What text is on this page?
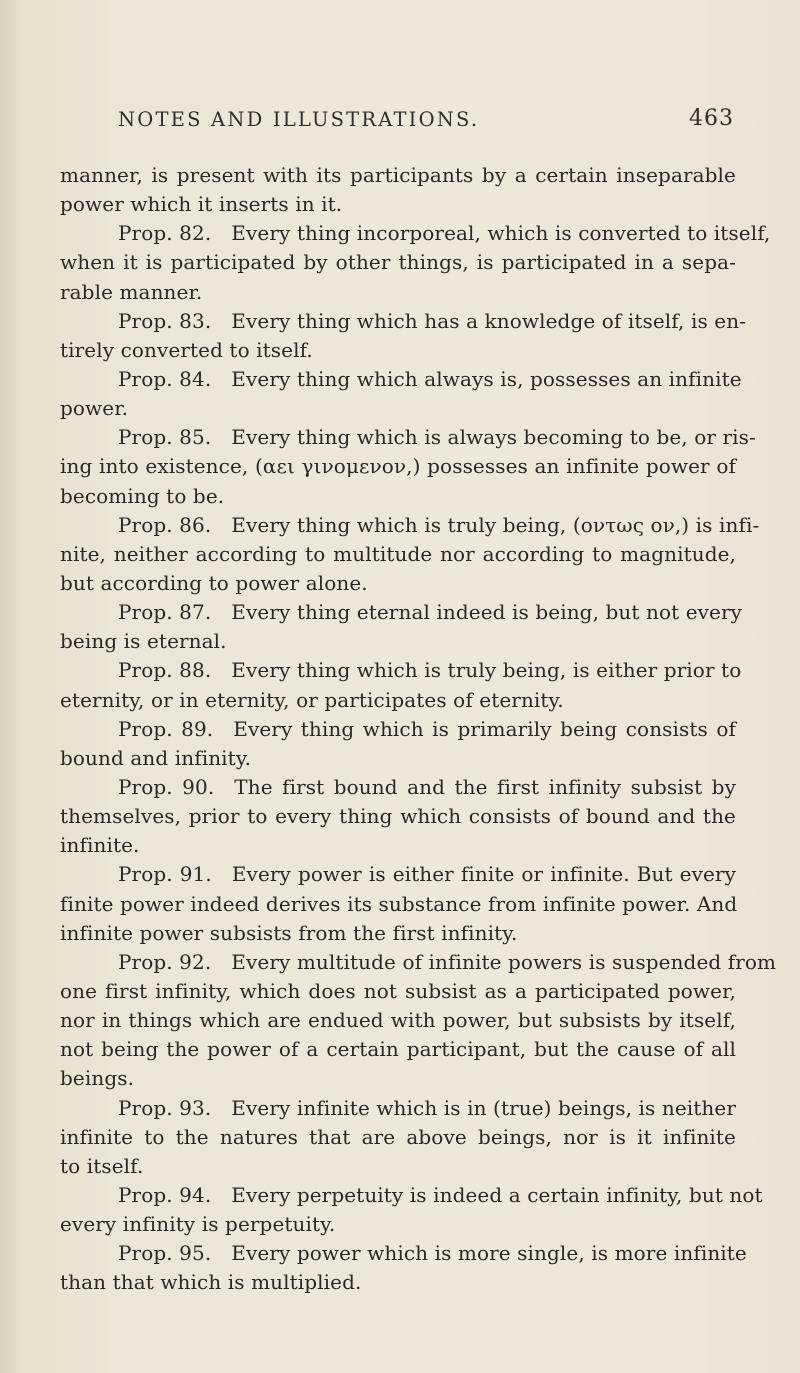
NOTES AND ILLUSTRATIONS.	463
manner, is present with its participants by a certain inseparable
power which it inserts in it.
Prop. 82. Every thing incorporeal, which is converted to itself,
when it is participated by other things, is participated in a sepa-
rable manner.
Prop. 83. Every thing which has a knowledge of itself, is en-
tirely converted to itself.
Prop. 84. Every thing which always is, possesses an infinite
power.
Prop. 85. Every thing which is always becoming to be, or ris-
ing into existence, (αει γινομενον,) possesses an infinite power of
becoming to be.
Prop. 86. Every thing which is truly being, (οντως ον,) is infi-
nite, neither according to multitude nor according to magnitude,
but according to power alone.
Prop. 87. Every thing eternal indeed is being, but not every
being is eternal.
Prop. 88. Every thing which is truly being, is either prior to
eternity, or in eternity, or participates of eternity.
Prop. 89. Every thing which is primarily being consists of
bound and infinity.
Prop. 90. The first bound and the first infinity subsist by
themselves, prior to every thing which consists of bound and the
infinite.
Prop. 91. Every power is either finite or infinite. But every
finite power indeed derives its substance from infinite power. And
infinite power subsists from the first infinity.
Prop. 92. Every multitude of infinite powers is suspended from
one first infinity, which does not subsist as a participated power,
nor in things which are endued with power, but subsists by itself,
not being the power of a certain participant, but the cause of all
beings.
Prop. 93. Every infinite which is in (true) beings, is neither
infinite to the natures that are above beings, nor is it infinite
to itself.
Prop. 94. Every perpetuity is indeed a certain infinity, but not
every infinity is perpetuity.
Prop. 95. Every power which is more single, is more infinite
than that which is multiplied.
